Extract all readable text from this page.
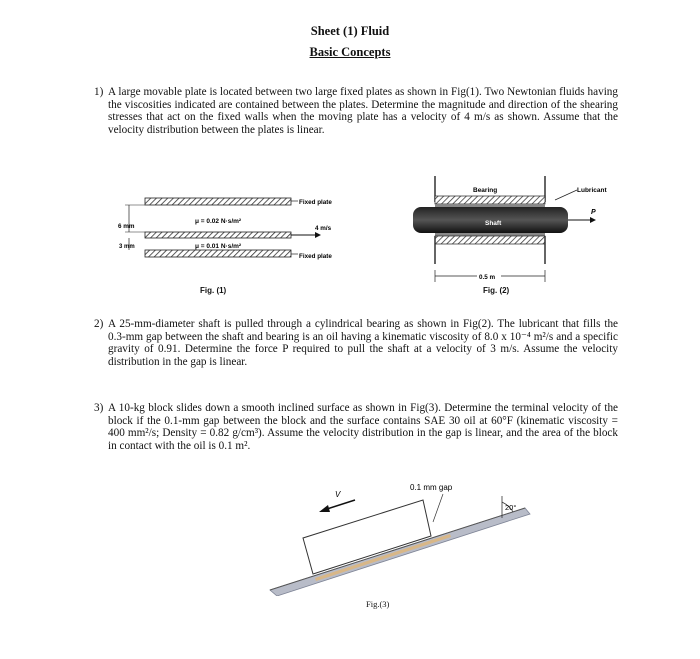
Sheet (1) Fluid
Basic Concepts
1) A large movable plate is located between two large fixed plates as shown in Fig(1). Two Newtonian fluids having the viscosities indicated are contained between the plates. Determine the magnitude and direction of the shearing stresses that act on the fixed walls when the moving plate has a velocity of 4 m/s as shown. Assume that the velocity distribution between the plates is linear.
Fixed plate
Fixed plate
4 m/s
6 mm
3 mm
μ = 0.02 N·s/m²
μ = 0.01 N·s/m²
Fig. (1)
Bearing
Shaft
Lubricant
P
0.5 m
Fig. (2)
2) A 25-mm-diameter shaft is pulled through a cylindrical bearing as shown in Fig(2). The lubricant that fills the 0.3-mm gap between the shaft and bearing is an oil having a kinematic viscosity of 8.0 x 10⁻⁴ m²/s and a specific gravity of 0.91. Determine the force P required to pull the shaft at a velocity of 3 m/s. Assume the velocity distribution in the gap is linear.
3) A 10-kg block slides down a smooth inclined surface as shown in Fig(3). Determine the terminal velocity of the block if the 0.1-mm gap between the block and the surface contains SAE 30 oil at 60°F (kinematic viscosity = 400 mm²/s; Density = 0.82 g/cm³). Assume the velocity distribution in the gap is linear, and the area of the block in contact with the oil is 0.1 m².
V
0.1 mm gap
20°
Fig.(3)
